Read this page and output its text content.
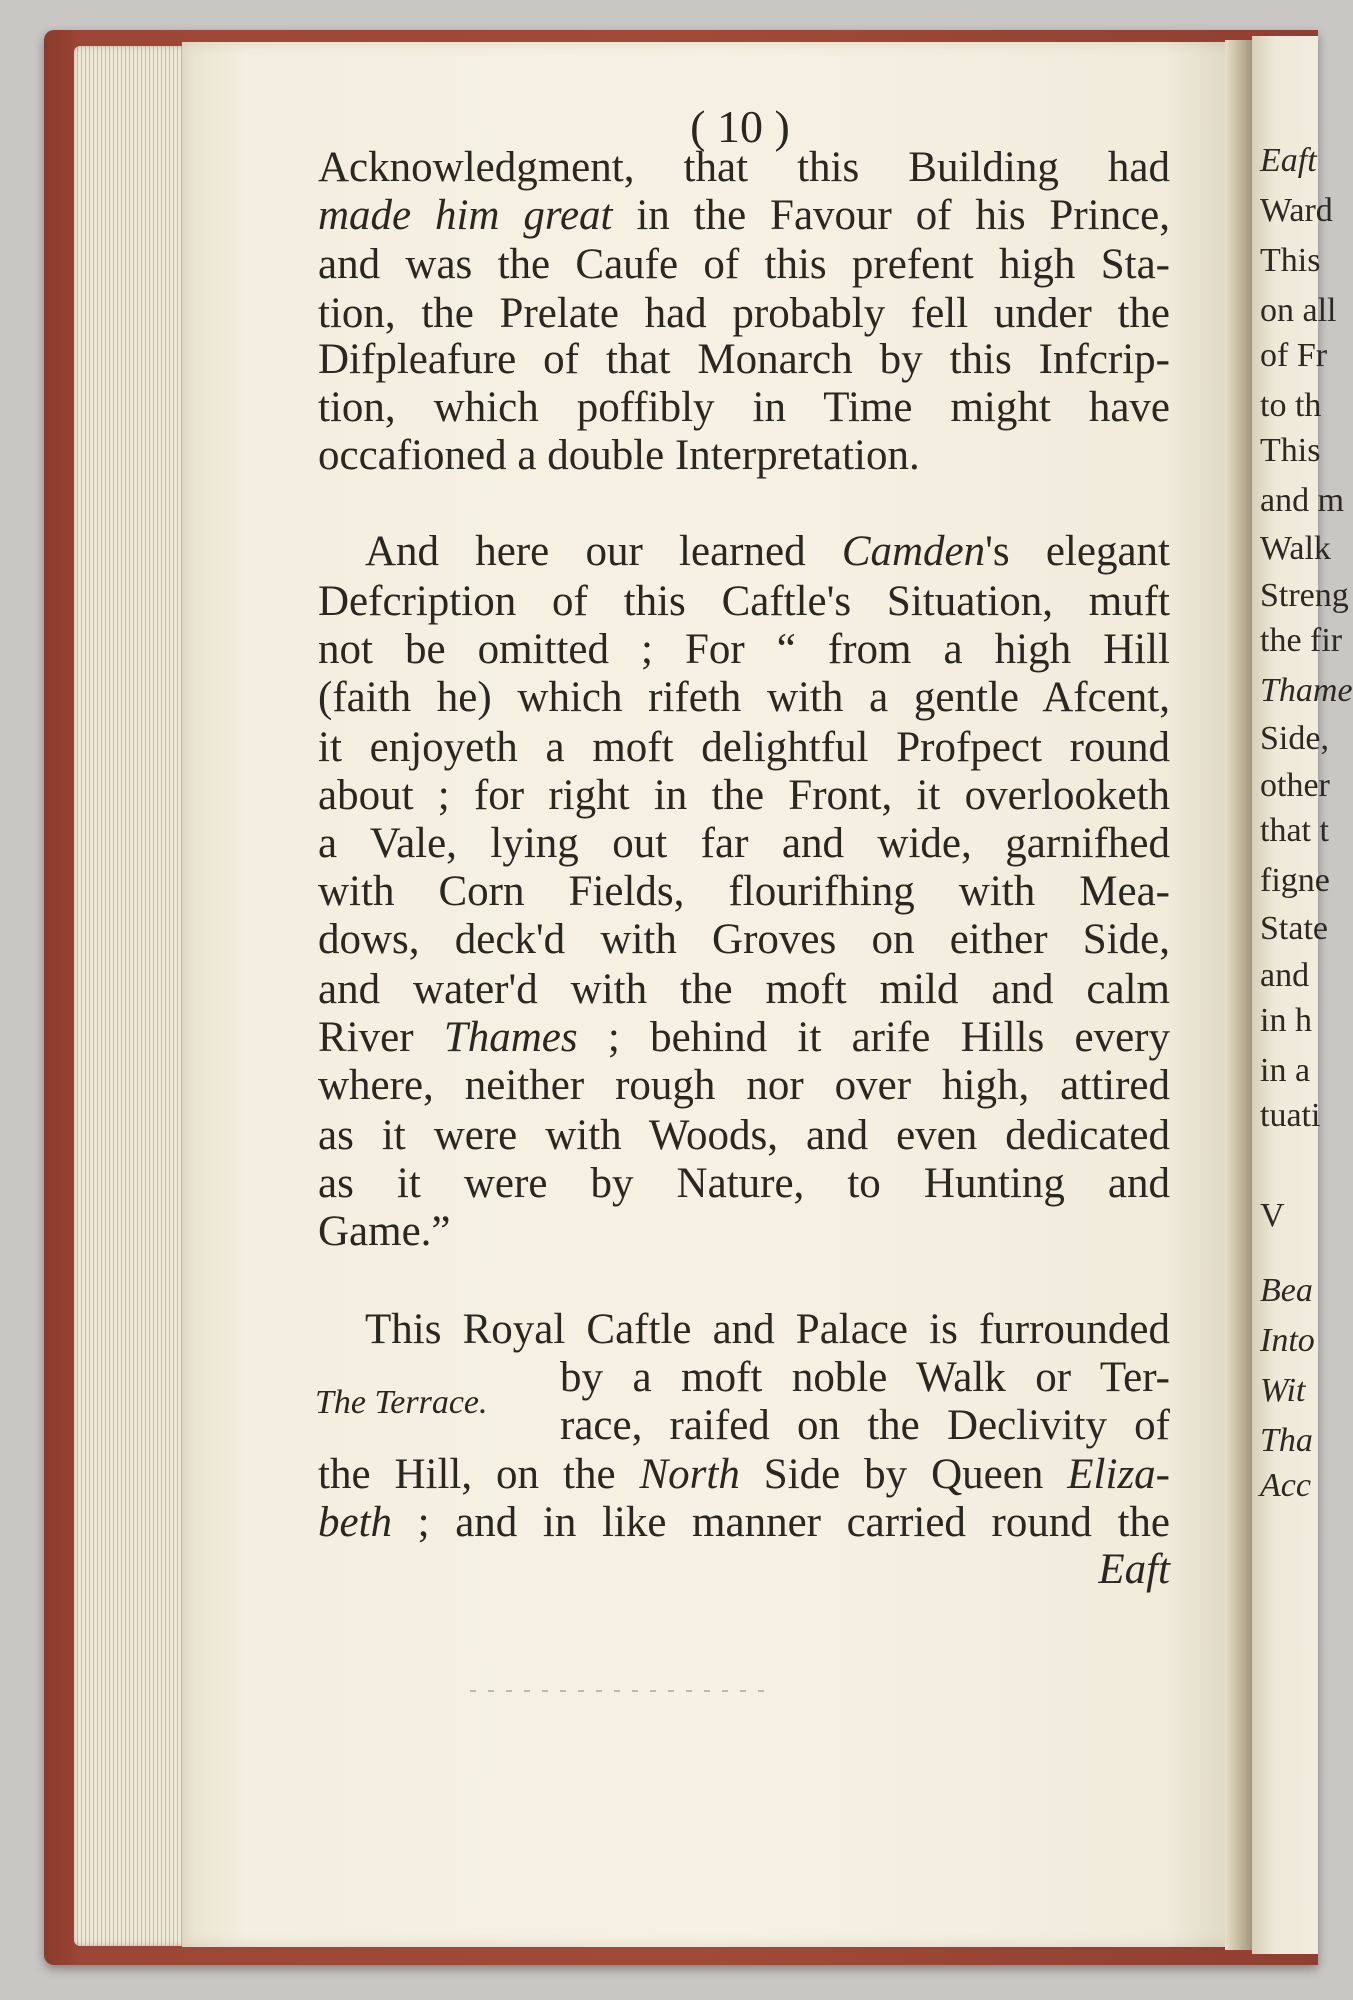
Eaft
Ward
This
on all
of Fr
to th
This
and m
Walk
Streng
the fir
Thame
Side,
other
that t
figne
State
and
in h
in a
tuati
V
Bea
Into
Wit
Tha
Acc
( 10 )
Acknowledgment, that this Building had
made him great in the Favour of his Prince,
and was the Caufe of this prefent high Sta-
tion, the Prelate had probably fell under the
Difpleafure of that Monarch by this Infcrip-
tion, which poffibly in Time might have
occafioned a double Interpretation.
And here our learned Camden's elegant
Defcription of this Caftle's Situation, muft
not be omitted ; For “ from a high Hill
(faith he) which rifeth with a gentle Afcent,
it enjoyeth a moft delightful Profpect round
about ; for right in the Front, it overlooketh
a Vale, lying out far and wide, garnifhed
with Corn Fields, flourifhing with Mea-
dows, deck'd with Groves on either Side,
and water'd with the moft mild and calm
River Thames ; behind it arife Hills every
where, neither rough nor over high, attired
as it were with Woods, and even dedicated
as it were by Nature, to Hunting and
Game.”
This Royal Caftle and Palace is furrounded
by a moft noble Walk or Ter-
race, raifed on the Declivity of
the Hill, on the North Side by Queen Eliza-
beth ; and in like manner carried round the
Eaft
The Terrace.
